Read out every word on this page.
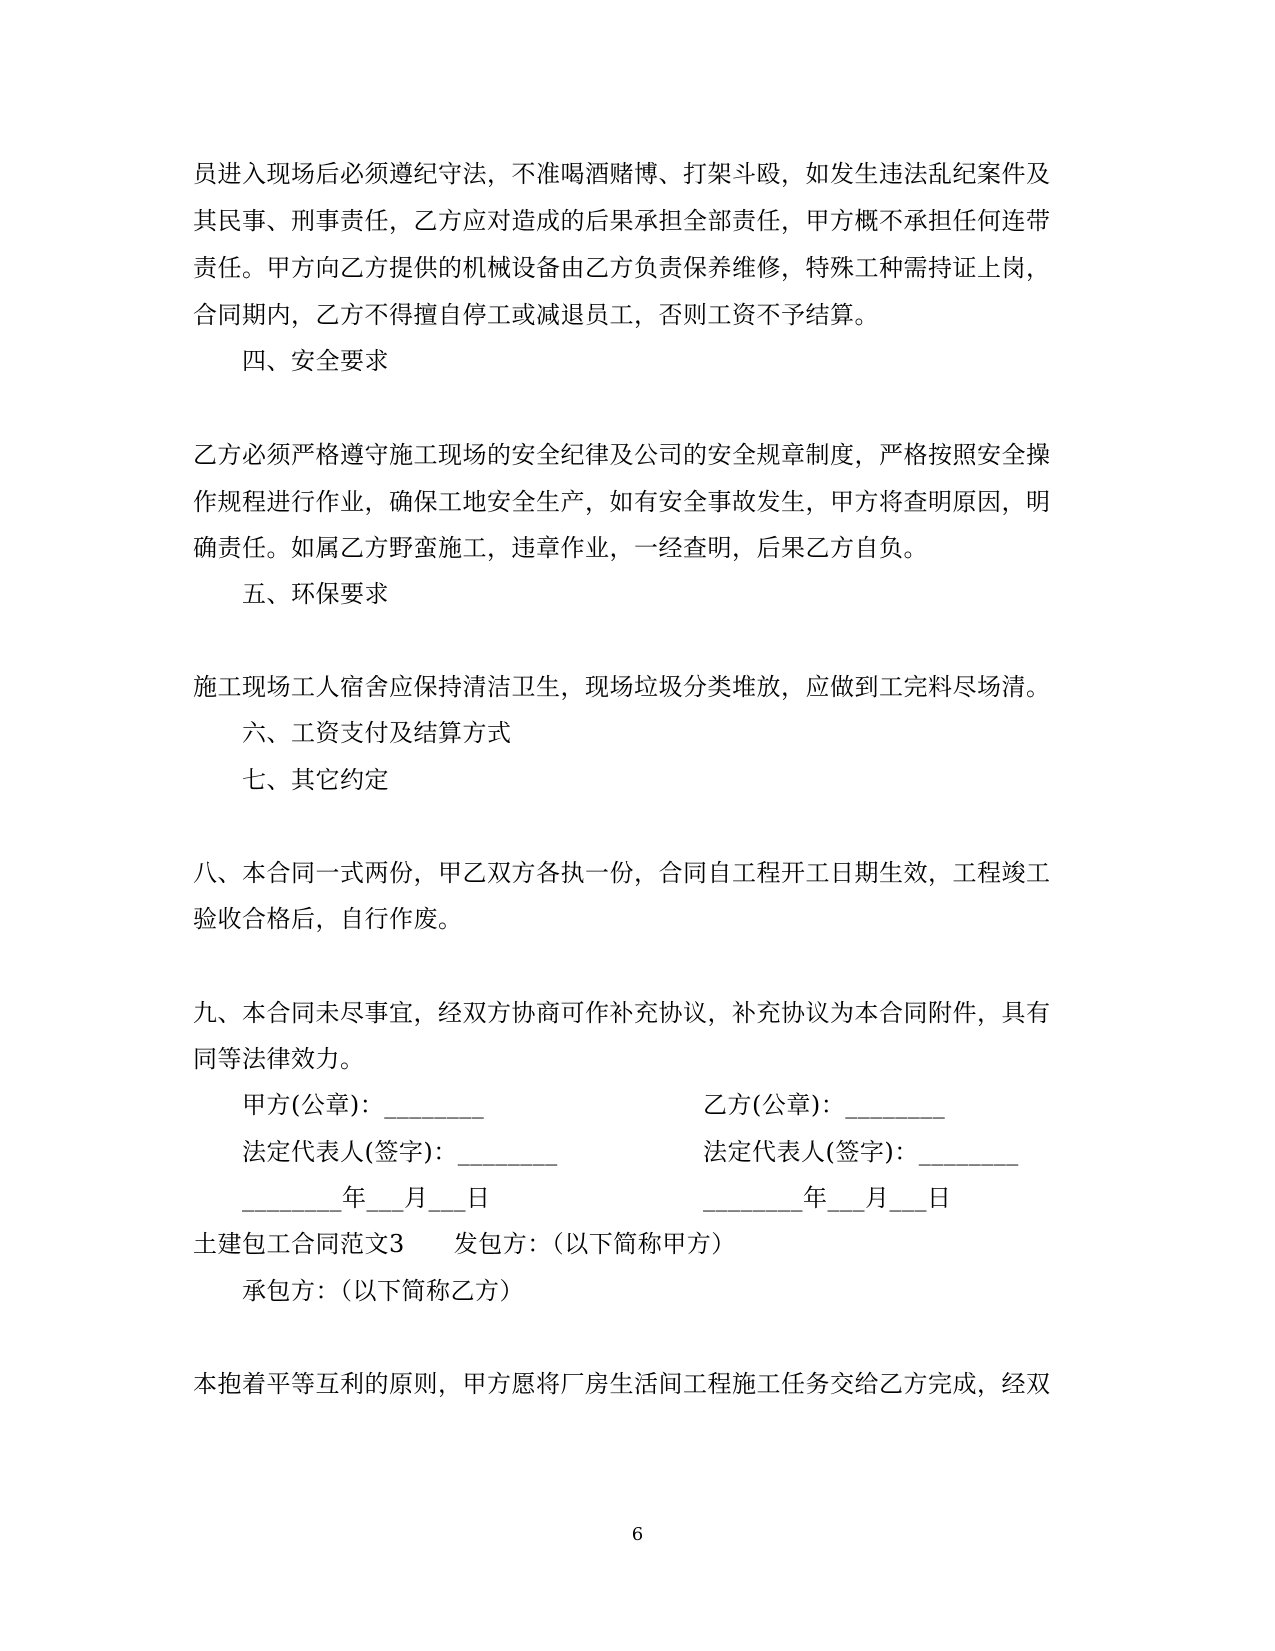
员进入现场后必须遵纪守法，不准喝酒赌博、打架斗殴，如发生违法乱纪案件及
其民事、刑事责任，乙方应对造成的后果承担全部责任，甲方概不承担任何连带
责任。甲方向乙方提供的机械设备由乙方负责保养维修，特殊工种需持证上岗，
合同期内，乙方不得擅自停工或减退员工，否则工资不予结算。
四、安全要求
乙方必须严格遵守施工现场的安全纪律及公司的安全规章制度，严格按照安全操
作规程进行作业，确保工地安全生产，如有安全事故发生，甲方将查明原因，明
确责任。如属乙方野蛮施工，违章作业，一经查明，后果乙方自负。
五、环保要求
施工现场工人宿舍应保持清洁卫生，现场垃圾分类堆放，应做到工完料尽场清。
六、工资支付及结算方式
七、其它约定
八、本合同一式两份，甲乙双方各执一份，合同自工程开工日期生效，工程竣工
验收合格后，自行作废。
九、本合同未尽事宜，经双方协商可作补充协议，补充协议为本合同附件，具有
同等法律效力。
甲方(公章)：________	乙方(公章)：________
法定代表人(签字)：________	法定代表人(签字)：________
________年___月___日	________年___月___日
土建包工合同范文3　　发包方：（以下简称甲方）
承包方：（以下简称乙方）
本抱着平等互利的原则，甲方愿将厂房生活间工程施工任务交给乙方完成，经双
6
